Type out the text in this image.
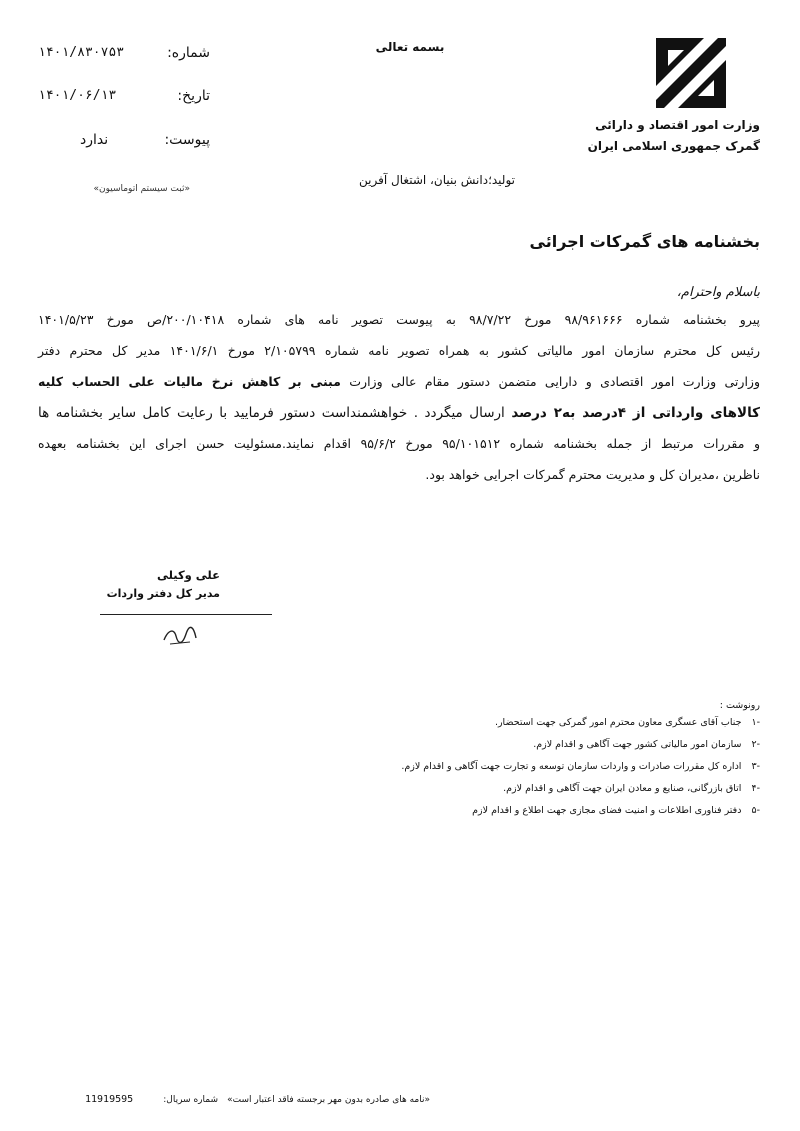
وزارت امور اقتصاد و دارائی
گمرک جمهوری اسلامی ایران
بسمه تعالی
شماره:
۱۴۰۱/۸۳۰۷۵۳
تاریخ:
۱۴۰۱/۰۶/۱۳
پیوست:
ندارد
«ثبت سیستم اتوماسیون»
تولید؛دانش بنیان، اشتغال آفرین
بخشنامه های گمرکات اجرائی
باسلام واحترام،
پیرو بخشنامه شماره ۹۸/۹۶۱۶۶۶ مورخ ۹۸/۷/۲۲ به پیوست تصویر نامه های شماره ۲۰۰/۱۰۴۱۸/ص مورخ ۱۴۰۱/۵/۲۳
رئیس کل محترم سازمان امور مالیاتی کشور به همراه تصویر نامه شماره ۲/۱۰۵۷۹۹ مورخ ۱۴۰۱/۶/۱ مدیر کل محترم دفتر
وزارتی وزارت امور اقتصادی و دارایی متضمن دستور مقام عالی وزارت مبنی بر کاهش نرخ مالیات علی الحساب کلیه
کالاهای وارداتی از ۴درصد به۲ درصد ارسال میگردد . خواهشمنداست دستور فرمایید با رعایت کامل سایر بخشنامه ها
و مقررات مرتبط از جمله بخشنامه شماره ۹۵/۱۰۱۵۱۲ مورخ ۹۵/۶/۲ اقدام نمایند.مسئولیت حسن اجرای این بخشنامه بعهده
ناظرین ،مدیران کل و مدیریت محترم گمرکات اجرایی خواهد بود.
علی وکیلی
مدیر کل دفتر واردات
رونوشت :
-۱جناب آقای عسگری معاون محترم امور گمرکی جهت استحضار.
-۲سازمان امور مالیاتی کشور جهت آگاهی و اقدام لازم.
-۳اداره کل مقررات صادرات و واردات سازمان توسعه و تجارت جهت آگاهی و اقدام لازم.
-۴اتاق بازرگانی، صنایع و معادن ایران جهت آگاهی و اقدام لازم.
-۵دفتر فناوری اطلاعات و امنیت فضای مجازی جهت اطلاع و اقدام لازم
«نامه های صادره بدون مهر برجسته فاقد اعتبار است»
شماره سریال:
11919595
